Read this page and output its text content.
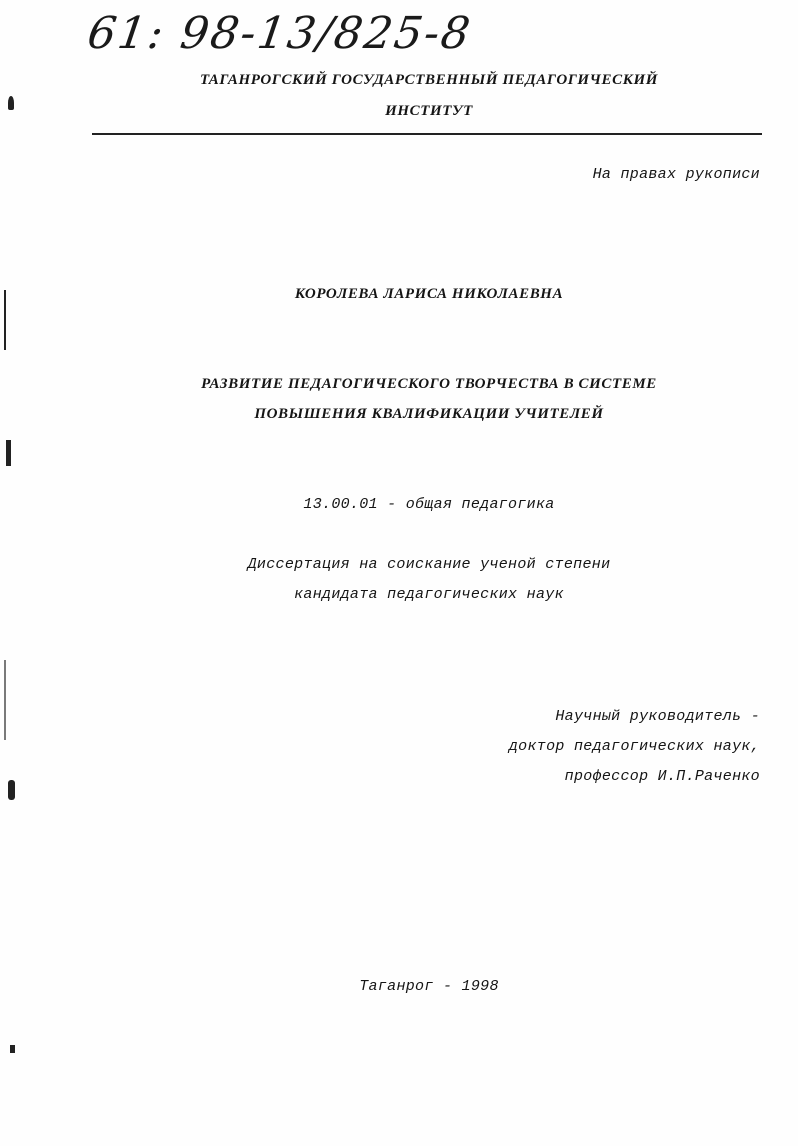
61: 98-13/825-8
ТАГАНРОГСКИЙ ГОСУДАРСТВЕННЫЙ ПЕДАГОГИЧЕСКИЙ
ИНСТИТУТ
На правах рукописи
КОРОЛЕВА ЛАРИСА НИКОЛАЕВНА
РАЗВИТИЕ ПЕДАГОГИЧЕСКОГО ТВОРЧЕСТВА В СИСТЕМЕ
ПОВЫШЕНИЯ КВАЛИФИКАЦИИ УЧИТЕЛЕЙ
13.00.01 - общая педагогика
Диссертация на соискание ученой степени
кандидата педагогических наук
Научный руководитель -
доктор педагогических наук,
профессор И.П.Раченко
Таганрог - 1998
